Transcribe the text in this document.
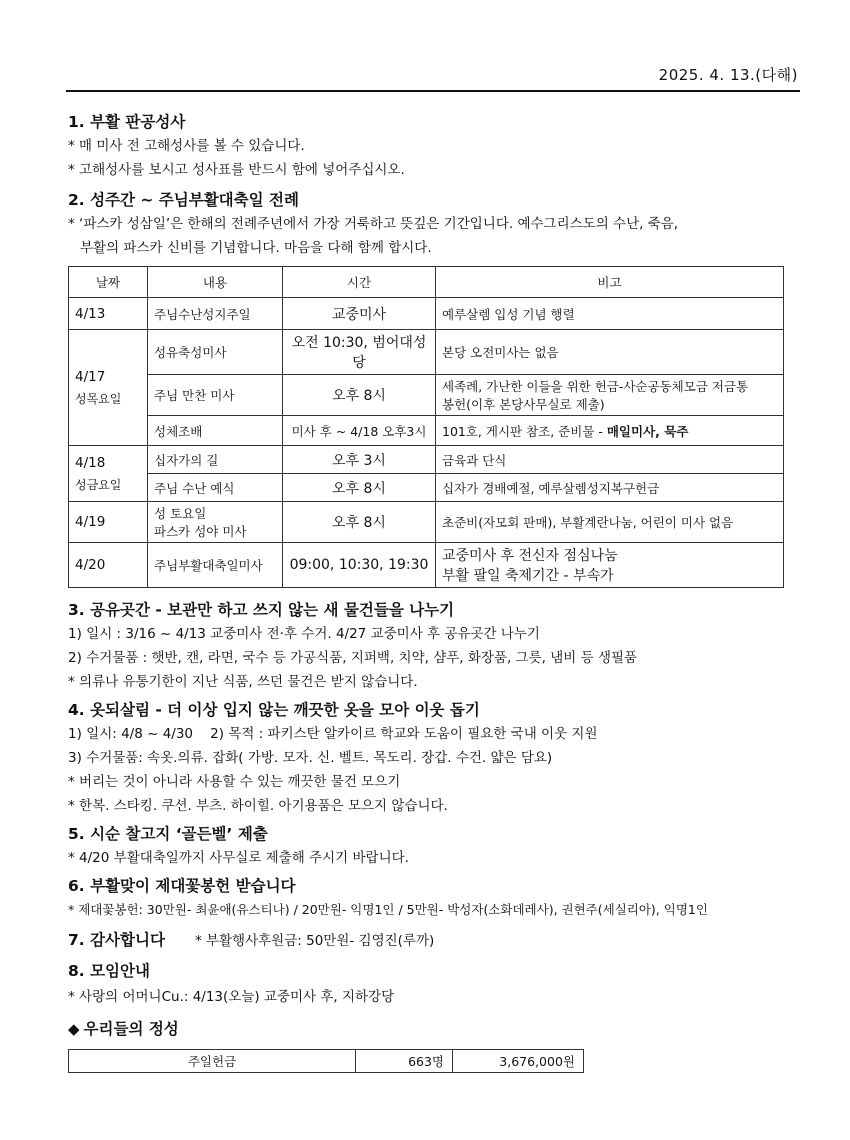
2025. 4. 13.(다해)

1. 부활 판공성사

* 매 미사 전 고해성사를 볼 수 있습니다.

* 고해성사를 보시고 성사표를 반드시 함에 넣어주십시오.

2. 성주간 ~ 주님부활대축일 전례

* ‘파스카 성삼일’은 한해의 전례주년에서 가장 거룩하고 뜻깊은 기간입니다. 예수그리스도의 수난, 죽음,

부활의 파스카 신비를 기념합니다. 마음을 다해 함께 합시다.

날짜	내용	시간	비고
4/13	주님수난성지주일	교중미사	예루살렘 입성 기념 행렬

4/17
성목요일	성유축성미사	오전 10:30, 범어대성당	본당 오전미사는 없음
	주님 만찬 미사	오후 8시	세족례, 가난한 이들을 위한 헌금-사순공동체모금 저금통
봉헌(이후 본당사무실로 제출)

	성체조배	미사 후 ~ 4/18 오후3시	101호, 게시판 참조, 준비물 - 매일미사, 묵주

4/18
성금요일	십자가의 길	오후 3시	금육과 단식
	주님 수난 예식	오후 8시	십자가 경배예절, 예루살렘성지복구헌금
4/19	성 토요일
파스카 성야 미사	오후 8시	초준비(자모회 판매), 부활계란나눔, 어린이 미사 없음
4/20	주님부활대축일미사	09:00, 10:30, 19:30	교중미사 후 전신자 점심나눔
부활 팔일 축제기간 - 부속가

3. 공유곳간 - 보관만 하고 쓰지 않는 새 물건들을 나누기

1) 일시 : 3/16 ~ 4/13 교중미사 전‧후 수거. 4/27 교중미사 후 공유곳간 나누기

2) 수거물품 : 햇반, 캔, 라면, 국수 등 가공식품, 지퍼백, 치약, 샴푸, 화장품, 그릇, 냄비 등 생필품

* 의류나 유통기한이 지난 식품, 쓰던 물건은 받지 않습니다.

4. 옷되살림 - 더 이상 입지 않는 깨끗한 옷을 모아 이웃 돕기

1) 일시: 4/8 ~ 4/30    2) 목적 : 파키스탄 알카이르 학교와 도움이 필요한 국내 이웃 지원

3) 수거물품: 속옷.의류. 잡화( 가방. 모자. 신. 벨트. 목도리. 장갑. 수건. 얇은 담요)

* 버리는 것이 아니라 사용할 수 있는 깨끗한 물건 모으기

* 한복. 스타킹. 쿠션. 부츠. 하이힐. 아기용품은 모으지 않습니다.

5. 시순 찰고지 ‘골든벨’ 제출

* 4/20 부활대축일까지 사무실로 제출해 주시기 바랍니다.

6. 부활맞이 제대꽃봉헌 받습니다

* 제대꽃봉헌: 30만원- 최윤애(유스티나) / 20만원- 익명1인 / 5만원- 박성자(소화데레사), 권현주(세실리아), 익명1인

7. 감사합니다 * 부활행사후원금: 50만원- 김영진(루까)

8. 모임안내

* 사랑의 어머니Cu.: 4/13(오늘) 교중미사 후, 지하강당

◆ 우리들의 정성

주일헌금	663명	3,676,000원
